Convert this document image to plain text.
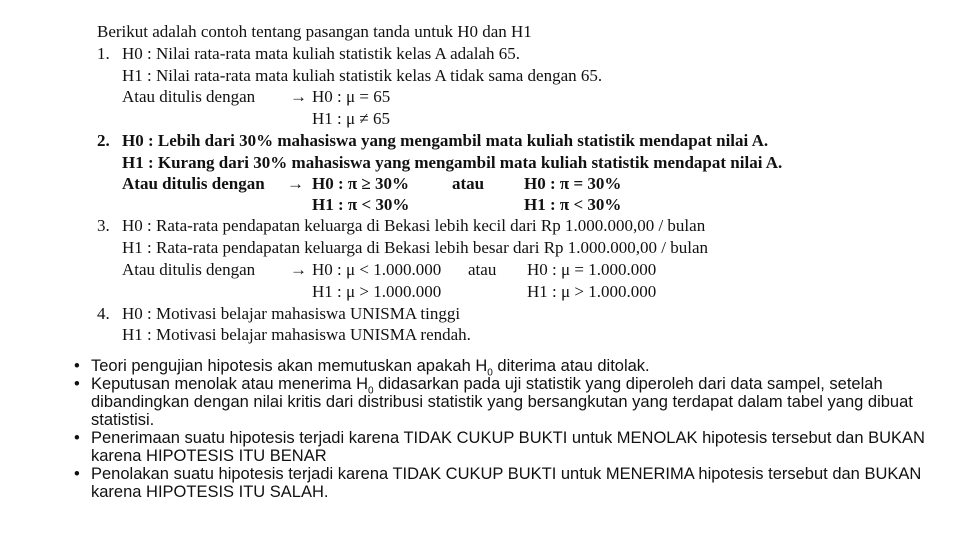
Berikut adalah contoh tentang pasangan tanda untuk H0 dan H1
1. H0 : Nilai rata-rata mata kuliah statistik kelas A adalah 65.
H1 : Nilai rata-rata mata kuliah statistik kelas A tidak sama dengan 65.
Atau ditulis dengan → H0 : μ = 65
H1 : μ ≠ 65
2. H0 : Lebih dari 30% mahasiswa yang mengambil mata kuliah statistik mendapat nilai A.
H1 : Kurang dari 30% mahasiswa yang mengambil mata kuliah statistik mendapat nilai A.
Atau ditulis dengan → H0 : π ≥ 30%
H1 : π < 30%
atau H0 : π = 30%
H1 : π < 30%
3. H0 : Rata-rata pendapatan keluarga di Bekasi lebih kecil dari Rp 1.000.000,00 / bulan
H1 : Rata-rata pendapatan keluarga di Bekasi lebih besar dari Rp 1.000.000,00 / bulan
Atau ditulis dengan → H0 : μ < 1.000.000
H1 : μ > 1.000.000
atau H0 : μ = 1.000.000
H1 : μ > 1.000.000
4. H0 : Motivasi belajar mahasiswa UNISMA tinggi
H1 : Motivasi belajar mahasiswa UNISMA rendah.
• Teori pengujian hipotesis akan memutuskan apakah $H_0$ diterima atau ditolak.
• Keputusan menolak atau menerima $H_0$ didasarkan pada uji statistik yang diperoleh dari data sampel, setelah dibandingkan dengan nilai kritis dari distribusi statistik yang bersangkutan yang terdapat dalam tabel yang dibuat statistisi.
• Penerimaan suatu hipotesis terjadi karena TIDAK CUKUP BUKTI untuk MENOLAK hipotesis tersebut dan BUKAN karena HIPOTESIS ITU BENAR
• Penolakan suatu hipotesis terjadi karena TIDAK CUKUP BUKTI untuk MENERIMA hipotesis tersebut dan BUKAN karena HIPOTESIS ITU SALAH.
